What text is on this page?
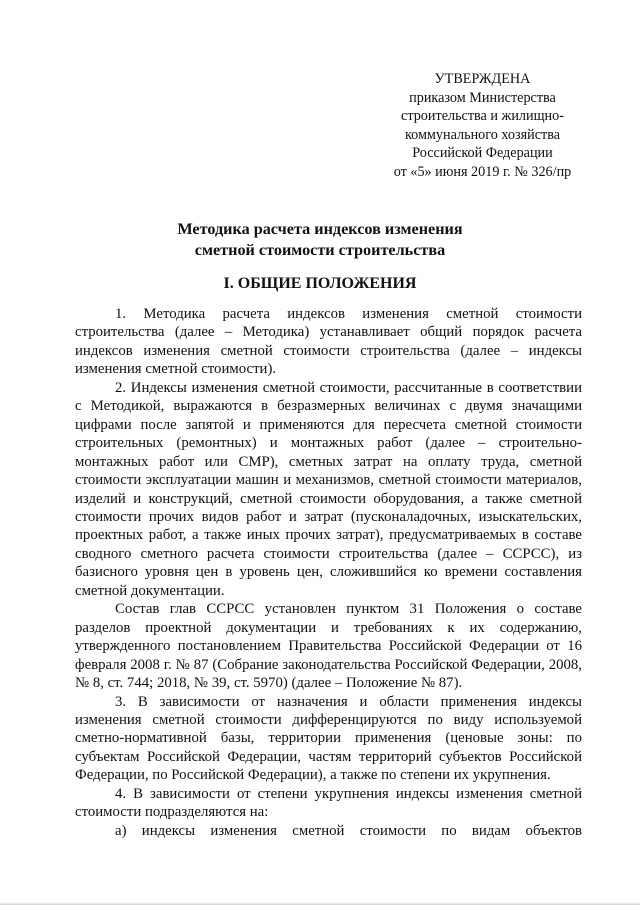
УТВЕРЖДЕНА
приказом Министерства
строительства и жилищно-
коммунального хозяйства
Российской Федерации
от «5» июня 2019 г. № 326/пр
Методика расчета индексов изменения
сметной стоимости строительства
I. ОБЩИЕ ПОЛОЖЕНИЯ

1. Методика расчета индексов изменения сметной стоимости строительства (далее – Методика) устанавливает общий порядок расчета индексов изменения сметной стоимости строительства (далее – индексы изменения сметной стоимости).

2. Индексы изменения сметной стоимости, рассчитанные в соответствии с Методикой, выражаются в безразмерных величинах с двумя значащими цифрами после запятой и применяются для пересчета сметной стоимости строительных (ремонтных) и монтажных работ (далее – строительно-монтажных работ или СМР), сметных затрат на оплату труда, сметной стоимости эксплуатации машин и механизмов, сметной стоимости материалов, изделий и конструкций, сметной стоимости оборудования, а также сметной стоимости прочих видов работ и затрат (пусконаладочных, изыскательских, проектных работ, а также иных прочих затрат), предусматриваемых в составе сводного сметного расчета стоимости строительства (далее – ССРСС), из базисного уровня цен в уровень цен, сложившийся ко времени составления сметной документации.

Состав глав ССРСС установлен пунктом 31 Положения о составе разделов проектной документации и требованиях к их содержанию, утвержденного постановлением Правительства Российской Федерации от 16 февраля 2008 г. № 87 (Собрание законодательства Российской Федерации, 2008, № 8, ст. 744; 2018, № 39, ст. 5970) (далее – Положение № 87).

3. В зависимости от назначения и области применения индексы изменения сметной стоимости дифференцируются по виду используемой сметно-нормативной базы, территории применения (ценовые зоны: по субъектам Российской Федерации, частям территорий субъектов Российской Федерации, по Российской Федерации), а также по степени их укрупнения.

4. В зависимости от степени укрупнения индексы изменения сметной стоимости подразделяются на:

а) индексы изменения сметной стоимости по видам объектов
